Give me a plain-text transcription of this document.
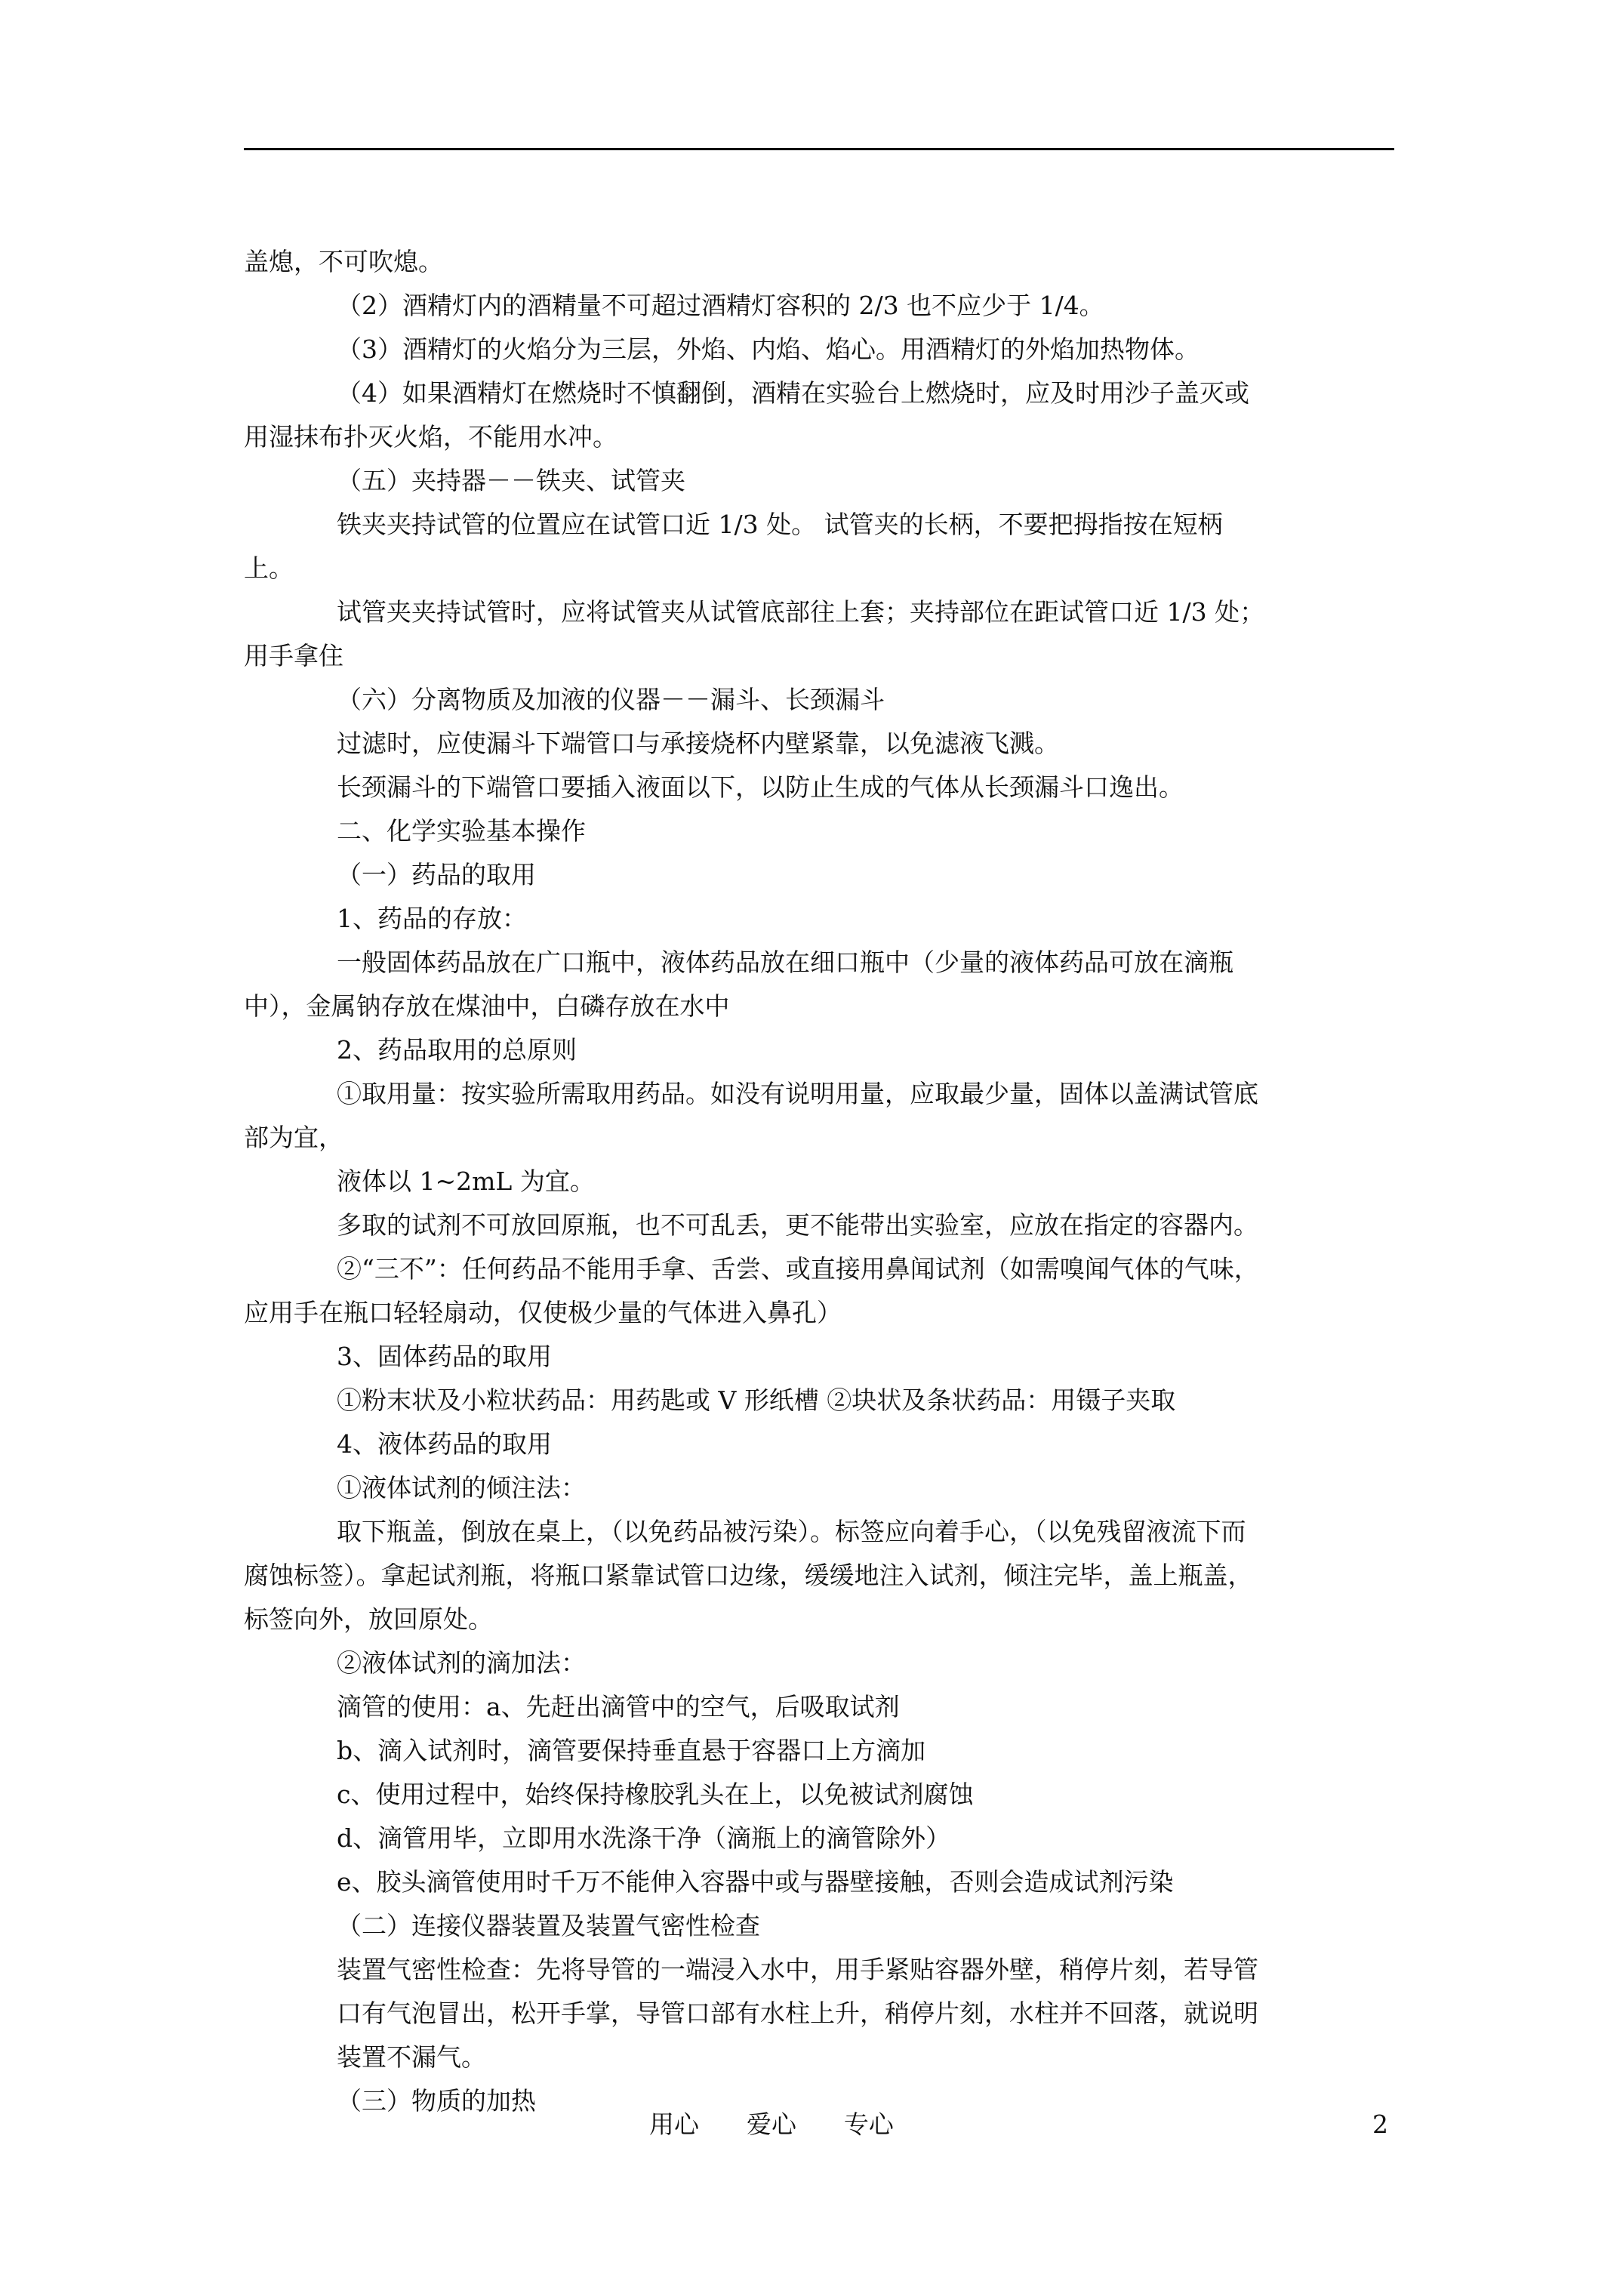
盖熄，不可吹熄。
（2）酒精灯内的酒精量不可超过酒精灯容积的 2/3 也不应少于 1/4。
（3）酒精灯的火焰分为三层，外焰、内焰、焰心。用酒精灯的外焰加热物体。
（4）如果酒精灯在燃烧时不慎翻倒，酒精在实验台上燃烧时，应及时用沙子盖灭或
用湿抹布扑灭火焰，不能用水冲。
（五）夹持器－－铁夹、试管夹
铁夹夹持试管的位置应在试管口近 1/3 处。 试管夹的长柄，不要把拇指按在短柄
上。
试管夹夹持试管时，应将试管夹从试管底部往上套；夹持部位在距试管口近 1/3 处；
用手拿住
（六）分离物质及加液的仪器－－漏斗、长颈漏斗
过滤时，应使漏斗下端管口与承接烧杯内壁紧靠，以免滤液飞溅。
长颈漏斗的下端管口要插入液面以下，以防止生成的气体从长颈漏斗口逸出。
二、化学实验基本操作
（一）药品的取用
1、药品的存放：
一般固体药品放在广口瓶中，液体药品放在细口瓶中（少量的液体药品可放在滴瓶
中），金属钠存放在煤油中，白磷存放在水中
2、药品取用的总原则
①取用量：按实验所需取用药品。如没有说明用量，应取最少量，固体以盖满试管底
部为宜，
液体以 1~2mL 为宜。
多取的试剂不可放回原瓶，也不可乱丢，更不能带出实验室，应放在指定的容器内。
②“三不”：任何药品不能用手拿、舌尝、或直接用鼻闻试剂（如需嗅闻气体的气味，
应用手在瓶口轻轻扇动，仅使极少量的气体进入鼻孔）
3、固体药品的取用
①粉末状及小粒状药品：用药匙或 V 形纸槽 ②块状及条状药品：用镊子夹取
4、液体药品的取用
①液体试剂的倾注法：
取下瓶盖，倒放在桌上，（以免药品被污染）。标签应向着手心，（以免残留液流下而
腐蚀标签）。拿起试剂瓶，将瓶口紧靠试管口边缘，缓缓地注入试剂，倾注完毕，盖上瓶盖，
标签向外，放回原处。
②液体试剂的滴加法：
滴管的使用：a、先赶出滴管中的空气，后吸取试剂
b、滴入试剂时，滴管要保持垂直悬于容器口上方滴加
c、使用过程中，始终保持橡胶乳头在上，以免被试剂腐蚀
d、滴管用毕，立即用水洗涤干净（滴瓶上的滴管除外）
e、胶头滴管使用时千万不能伸入容器中或与器壁接触，否则会造成试剂污染
（二）连接仪器装置及装置气密性检查
装置气密性检查：先将导管的一端浸入水中，用手紧贴容器外壁，稍停片刻，若导管
口有气泡冒出，松开手掌，导管口部有水柱上升，稍停片刻，水柱并不回落，就说明
装置不漏气。
（三）物质的加热
用心      爱心      专心	2
